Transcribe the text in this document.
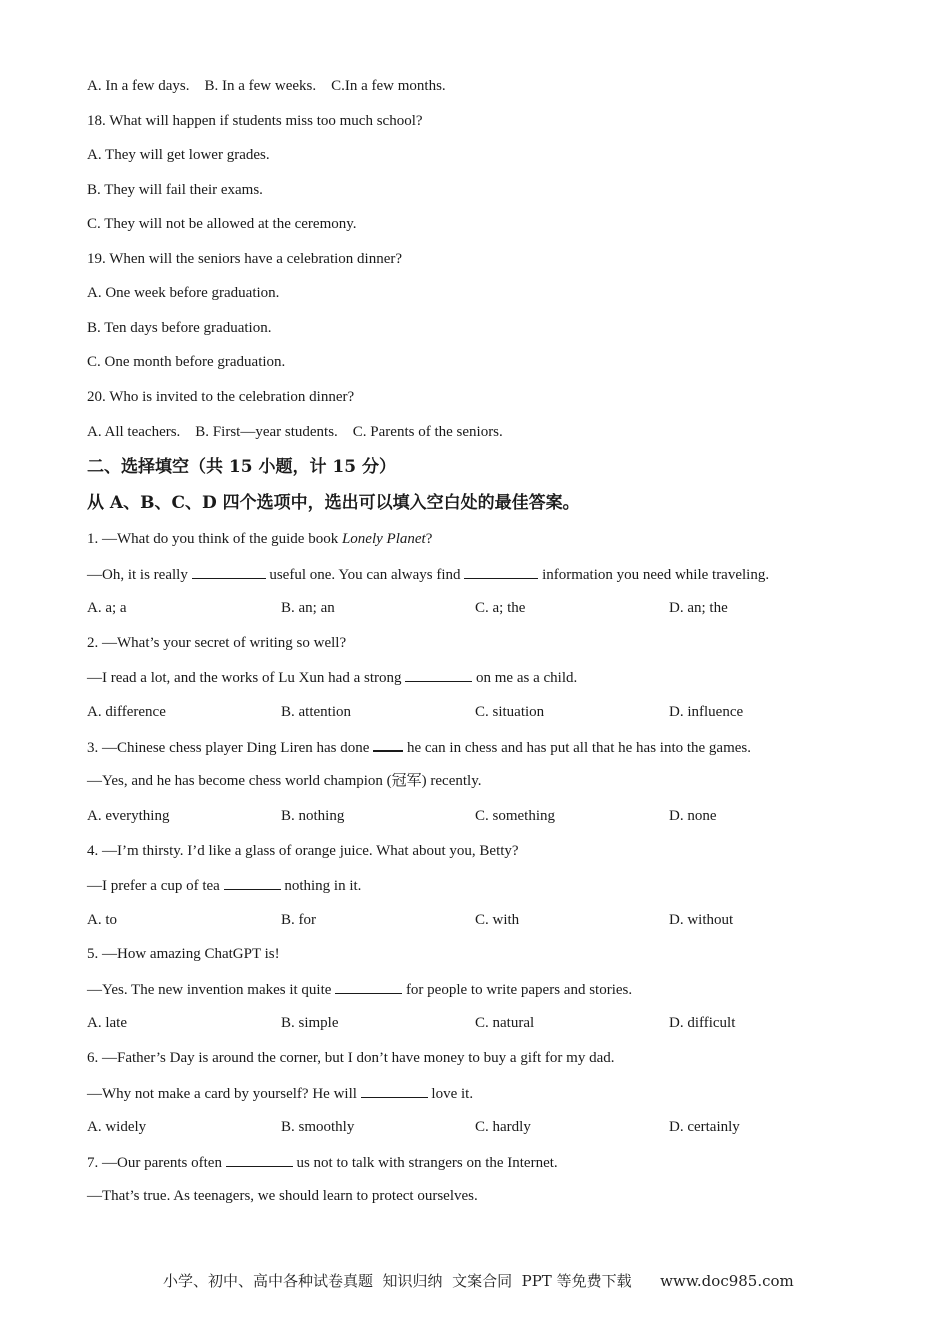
A. In a few days.    B. In a few weeks.    C.In a few months.
18. What will happen if students miss too much school?
A. They will get lower grades.
B. They will fail their exams.
C. They will not be allowed at the ceremony.
19. When will the seniors have a celebration dinner?
A. One week before graduation.
B. Ten days before graduation.
C. One month before graduation.
20. Who is invited to the celebration dinner?
A. All teachers.    B. First—year students.    C. Parents of the seniors.
二、选择填空（共 15 小题，计 15 分）
从 A、B、C、D 四个选项中，选出可以填入空白处的最佳答案。
1. —What do you think of the guide book Lonely Planet?
—Oh, it is really	useful one. You can always find	information you need while traveling.
A. a; a	B. an; an	C. a; the	D. an; the
2. —What’s your secret of writing so well?
—I read a lot, and the works of Lu Xun had a strong	on me as a child.
A. difference	B. attention	C. situation	D. influence
3. —Chinese chess player Ding Liren has done  he can in chess and has put all that he has into the games.
—Yes, and he has become chess world champion (冠军) recently.
A. everything	B. nothing	C. something	D. none
4. —I’m thirsty. I’d like a glass of orange juice. What about you, Betty?
—I prefer a cup of tea	nothing in it.
A. to	B. for	C. with	D. without
5. —How amazing ChatGPT is!
—Yes. The new invention makes it quite	for people to write papers and stories.
A. late	B. simple	C. natural	D. difficult
6. —Father’s Day is around the corner, but I don’t have money to buy a gift for my dad.
—Why not make a card by yourself? He will	love it.
A. widely	B. smoothly	C. hardly	D. certainly
7. —Our parents often	us not to talk with strangers on the Internet.
—That’s true. As teenagers, we should learn to protect ourselves.
小学、初中、高中各种试卷真题  知识归纳  文案合同  PPT 等免费下载      www.doc985.com
